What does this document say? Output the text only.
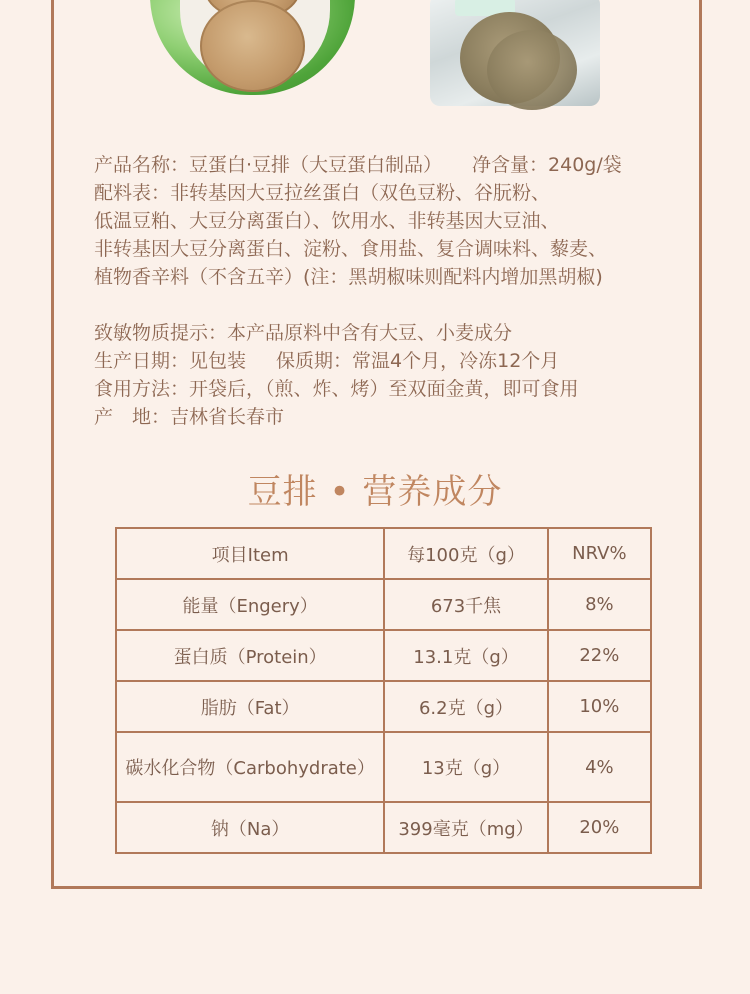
产品名称：豆蛋白·豆排（大豆蛋白制品） 净含量：240g/袋
配料表：非转基因大豆拉丝蛋白（双色豆粉、谷朊粉、
低温豆粕、大豆分离蛋白）、饮用水、非转基因大豆油、
非转基因大豆分离蛋白、淀粉、食用盐、复合调味料、藜麦、
植物香辛料（不含五辛）(注：黑胡椒味则配料内增加黑胡椒)
致敏物质提示：本产品原料中含有大豆、小麦成分
生产日期：见包装 保质期：常温4个月，冷冻12个月
食用方法：开袋后，（煎、炸、烤）至双面金黄，即可食用
产　地：吉林省长春市
豆排 • 营养成分
项目Item	每100克（g）	NRV%
能量（Engery）	673千焦	8%
蛋白质（Protein）	13.1克（g）	22%
脂肪（Fat）	6.2克（g）	10%
碳水化合物（Carbohydrate）	13克（g）	4%
钠（Na）	399毫克（mg）	20%
